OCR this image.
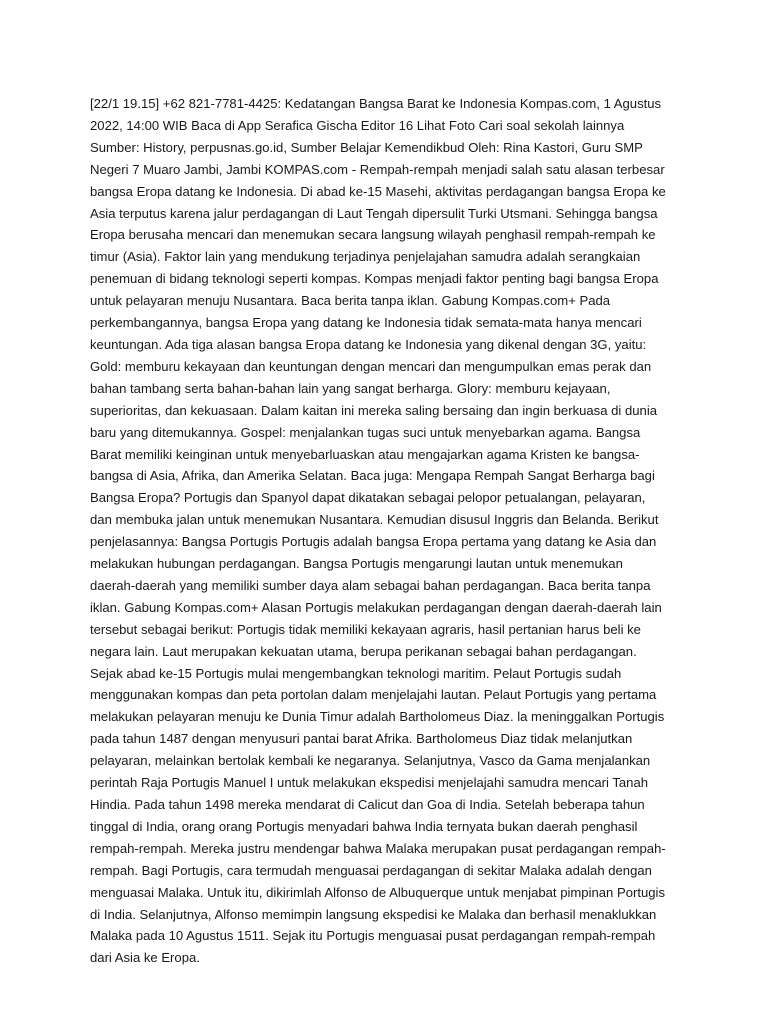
[22/1 19.15] +62 821-7781-4425: Kedatangan Bangsa Barat ke Indonesia Kompas.com, 1 Agustus 2022, 14:00 WIB Baca di App Serafica Gischa Editor 16 Lihat Foto Cari soal sekolah lainnya Sumber: History, perpusnas.go.id, Sumber Belajar Kemendikbud Oleh: Rina Kastori, Guru SMP Negeri 7 Muaro Jambi, Jambi KOMPAS.com - Rempah-rempah menjadi salah satu alasan terbesar bangsa Eropa datang ke Indonesia. Di abad ke-15 Masehi, aktivitas perdagangan bangsa Eropa ke Asia terputus karena jalur perdagangan di Laut Tengah dipersulit Turki Utsmani. Sehingga bangsa Eropa berusaha mencari dan menemukan secara langsung wilayah penghasil rempah-rempah ke timur (Asia). Faktor lain yang mendukung terjadinya penjelajahan samudra adalah serangkaian penemuan di bidang teknologi seperti kompas. Kompas menjadi faktor penting bagi bangsa Eropa untuk pelayaran menuju Nusantara. Baca berita tanpa iklan. Gabung Kompas.com+ Pada perkembangannya, bangsa Eropa yang datang ke Indonesia tidak semata-mata hanya mencari keuntungan. Ada tiga alasan bangsa Eropa datang ke Indonesia yang dikenal dengan 3G, yaitu: Gold: memburu kekayaan dan keuntungan dengan mencari dan mengumpulkan emas perak dan bahan tambang serta bahan-bahan lain yang sangat berharga. Glory: memburu kejayaan, superioritas, dan kekuasaan. Dalam kaitan ini mereka saling bersaing dan ingin berkuasa di dunia baru yang ditemukannya. Gospel: menjalankan tugas suci untuk menyebarkan agama. Bangsa Barat memiliki keinginan untuk menyebarluaskan atau mengajarkan agama Kristen ke bangsa-bangsa di Asia, Afrika, dan Amerika Selatan. Baca juga: Mengapa Rempah Sangat Berharga bagi Bangsa Eropa? Portugis dan Spanyol dapat dikatakan sebagai pelopor petualangan, pelayaran, dan membuka jalan untuk menemukan Nusantara. Kemudian disusul Inggris dan Belanda. Berikut penjelasannya: Bangsa Portugis Portugis adalah bangsa Eropa pertama yang datang ke Asia dan melakukan hubungan perdagangan. Bangsa Portugis mengarungi lautan untuk menemukan daerah-daerah yang memiliki sumber daya alam sebagai bahan perdagangan. Baca berita tanpa iklan. Gabung Kompas.com+ Alasan Portugis melakukan perdagangan dengan daerah-daerah lain tersebut sebagai berikut: Portugis tidak memiliki kekayaan agraris, hasil pertanian harus beli ke negara lain. Laut merupakan kekuatan utama, berupa perikanan sebagai bahan perdagangan. Sejak abad ke-15 Portugis mulai mengembangkan teknologi maritim. Pelaut Portugis sudah menggunakan kompas dan peta portolan dalam menjelajahi lautan. Pelaut Portugis yang pertama melakukan pelayaran menuju ke Dunia Timur adalah Bartholomeus Diaz. la meninggalkan Portugis pada tahun 1487 dengan menyusuri pantai barat Afrika. Bartholomeus Diaz tidak melanjutkan pelayaran, melainkan bertolak kembali ke negaranya. Selanjutnya, Vasco da Gama menjalankan perintah Raja Portugis Manuel I untuk melakukan ekspedisi menjelajahi samudra mencari Tanah Hindia. Pada tahun 1498 mereka mendarat di Calicut dan Goa di India. Setelah beberapa tahun tinggal di India, orang orang Portugis menyadari bahwa India ternyata bukan daerah penghasil rempah-rempah. Mereka justru mendengar bahwa Malaka merupakan pusat perdagangan rempah-rempah. Bagi Portugis, cara termudah menguasai perdagangan di sekitar Malaka adalah dengan menguasai Malaka. Untuk itu, dikirimlah Alfonso de Albuquerque untuk menjabat pimpinan Portugis di India. Selanjutnya, Alfonso memimpin langsung ekspedisi ke Malaka dan berhasil menaklukkan Malaka pada 10 Agustus 1511. Sejak itu Portugis menguasai pusat perdagangan rempah-rempah dari Asia ke Eropa.
